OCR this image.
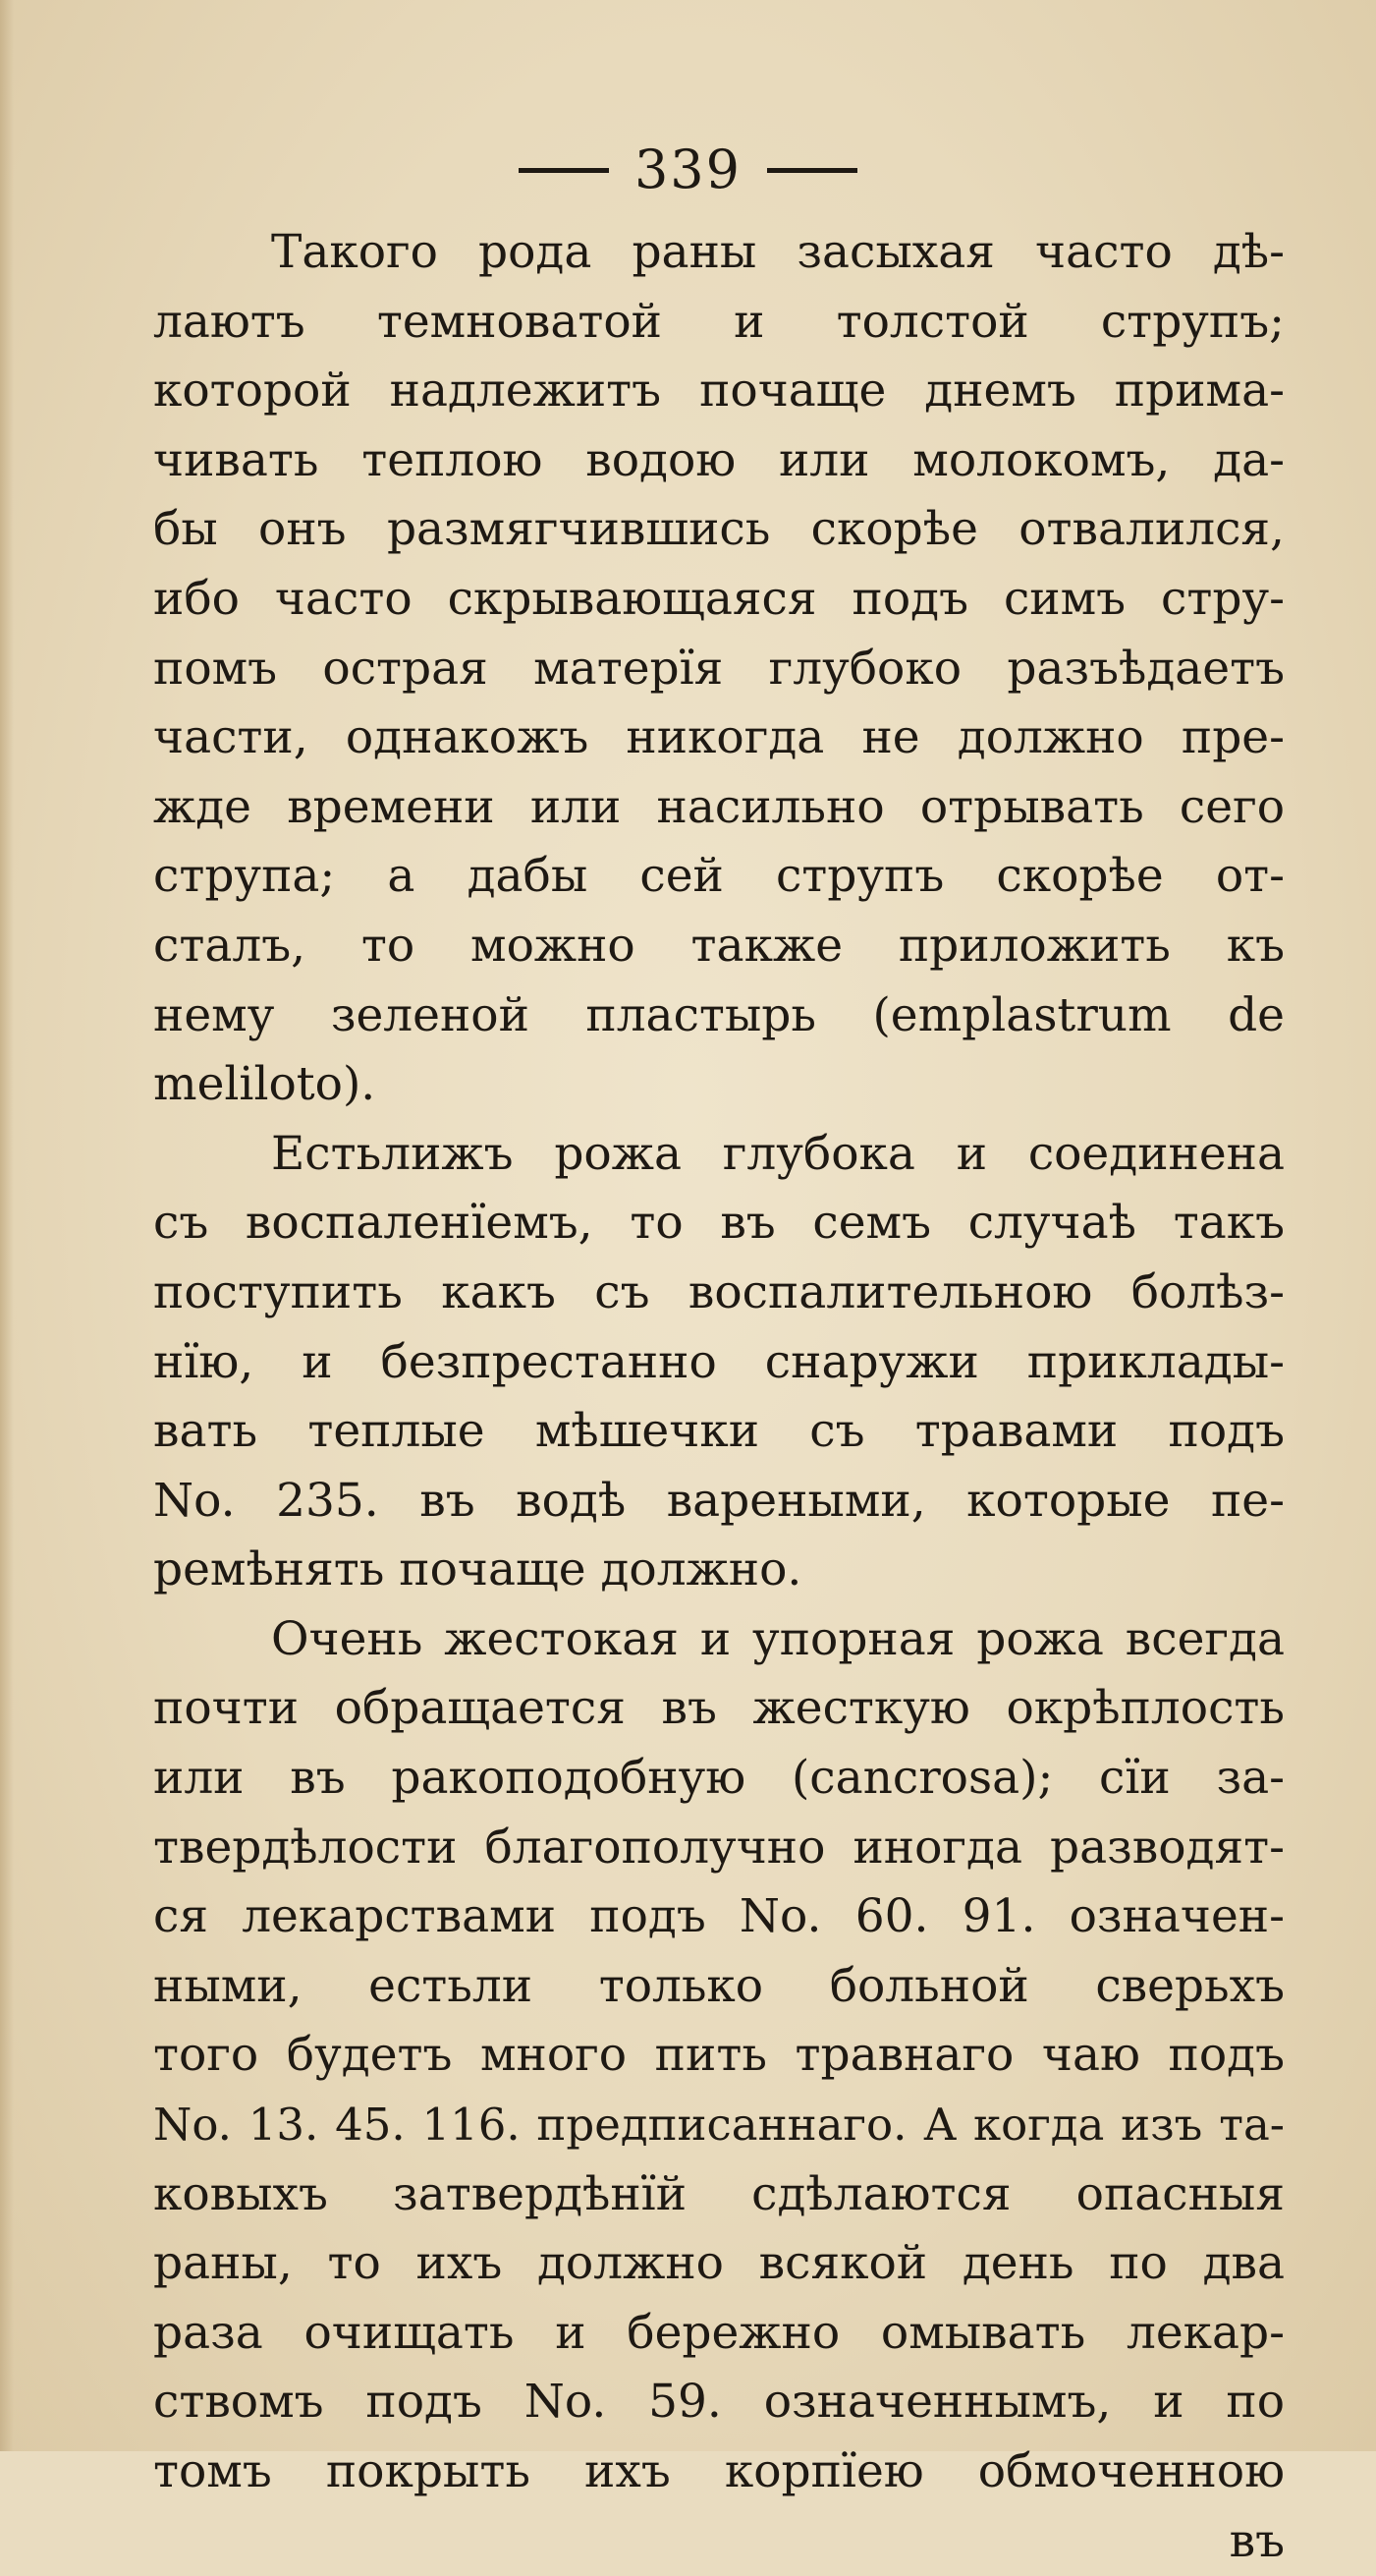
339
Такого рода раны засыхая часто дѣ-
лаютъ темноватой и толстой струпъ;
которой надлежитъ почаще днемъ прима-
чивать теплою водою или молокомъ, да-
бы онъ размягчившись скорѣе отвалился,
ибо часто скрывающаяся подъ симъ стру-
помъ острая матерїя глубоко разъѣдаетъ
части, однакожъ никогда не должно пре-
жде времени или насильно отрывать сего
струпа; а дабы сей струпъ скорѣе от-
сталъ, то можно также приложить къ
нему зеленой пластырь (emplastrum de
meliloto).
Естьлижъ рожа глубока и соединена
съ воспаленїемъ, то въ семъ случаѣ такъ
поступить какъ съ воспалительною болѣз-
нїю, и безпрестанно снаружи приклады-
вать теплые мѣшечки съ травами подъ
No. 235. въ водѣ вареными, которые пе-
ремѣнять почаще должно.
Очень жестокая и упорная рожа всегда
почти обращается въ жесткую окрѣплость
или въ ракоподобную (cancrosa); сїи за-
твердѣлости благополучно иногда разводят-
ся лекарствами подъ No. 60. 91. означен-
ными, естьли только больной сверьхъ
того будетъ много пить травнаго чаю подъ
No. 13. 45. 116. предписаннаго. А когда изъ та-
ковыхъ затвердѣнїй сдѣлаются опасныя
раны, то ихъ должно всякой день по два
раза очищать и бережно омывать лекар-
ствомъ подъ No. 59. означеннымъ, и по
томъ покрыть ихъ корпїею обмоченною
въ
